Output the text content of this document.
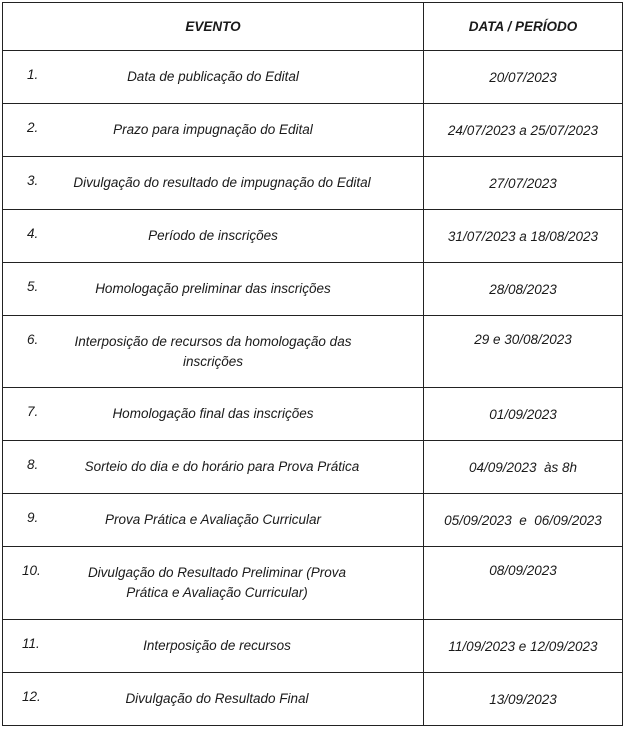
EVENTO	DATA / PERÍODO

1. Data de publicação do Edital	20/07/2023

2. Prazo para impugnação do Edital	24/07/2023 a 25/07/2023

3. Divulgação do resultado de impugnação do Edital	27/07/2023

4. Período de inscrições	31/07/2023 a 18/08/2023

5. Homologação preliminar das inscrições	28/08/2023

6. Interposição de recursos da homologação das
inscrições	29 e 30/08/2023

7. Homologação final das inscrições	01/09/2023

8. Sorteio do dia e do horário para Prova Prática	04/09/2023  às 8h

9. Prova Prática e Avaliação Curricular	05/09/2023  e  06/09/2023

10. Divulgação do Resultado Preliminar (Prova
Prática e Avaliação Curricular)	08/09/2023

11. Interposição de recursos	11/09/2023 e 12/09/2023

12. Divulgação do Resultado Final	13/09/2023
